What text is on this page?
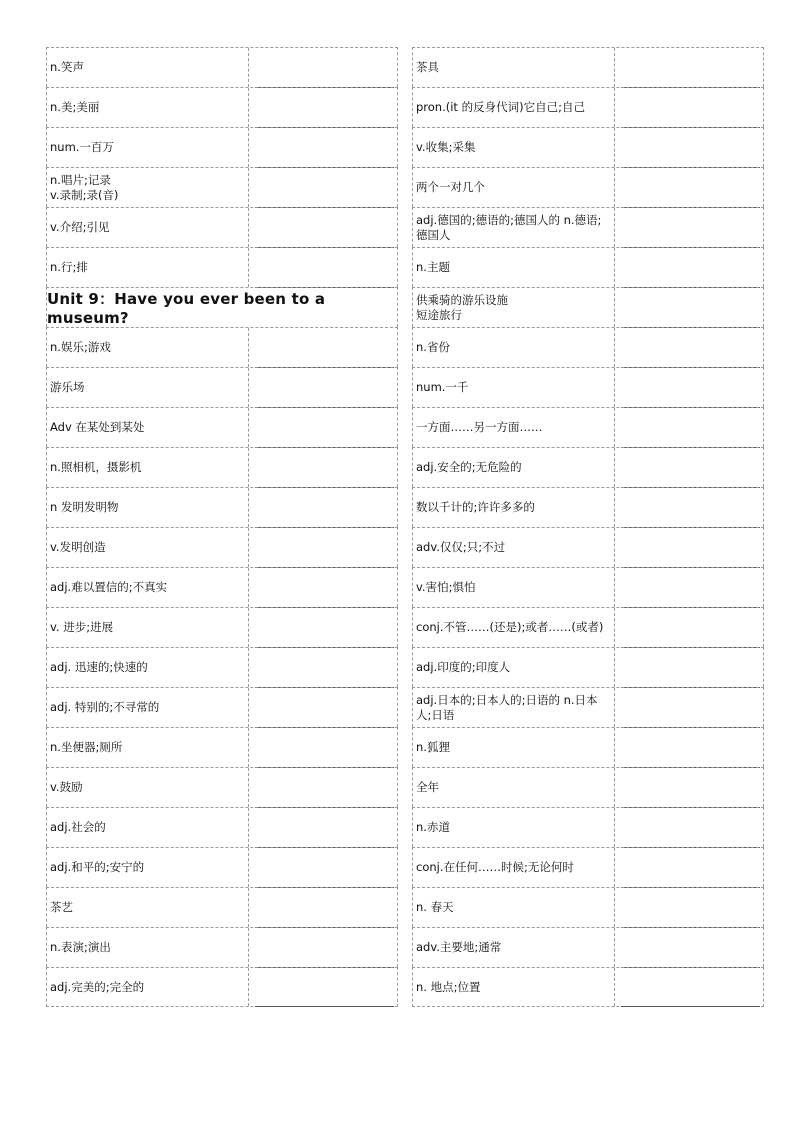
n.笑声
n.美;美丽
num.一百万
n.唱片;记录
v.录制;录(音)
v.介绍;引见
n.行;排
Unit 9：Have you ever been to a museum?
n.娱乐;游戏
游乐场
Adv 在某处到某处
n.照相机，摄影机
n 发明发明物
v.发明创造
adj.难以置信的;不真实
v. 进步;进展
adj. 迅速的;快速的
adj. 特别的;不寻常的
n.坐便器;厕所
v.鼓励
adj.社会的
adj.和平的;安宁的
茶艺
n.表演;演出
adj.完美的;完全的
茶具
pron.(it 的反身代词)它自己;自己
v.收集;采集
两个一对几个
adj.德国的;德语的;德国人的 n.德语;
德国人
n.主题
供乘骑的游乐设施
短途旅行
n.省份
num.一千
一方面……另一方面……
adj.安全的;无危险的
数以千计的;许许多多的
adv.仅仅;只;不过
v.害怕;惧怕
conj.不管……(还是);或者……(或者)
adj.印度的;印度人
adj.日本的;日本人的;日语的 n.日本
人;日语
n.狐狸
全年
n.赤道
conj.在任何……时候;无论何时
n. 春天
adv.主要地;通常
n. 地点;位置
